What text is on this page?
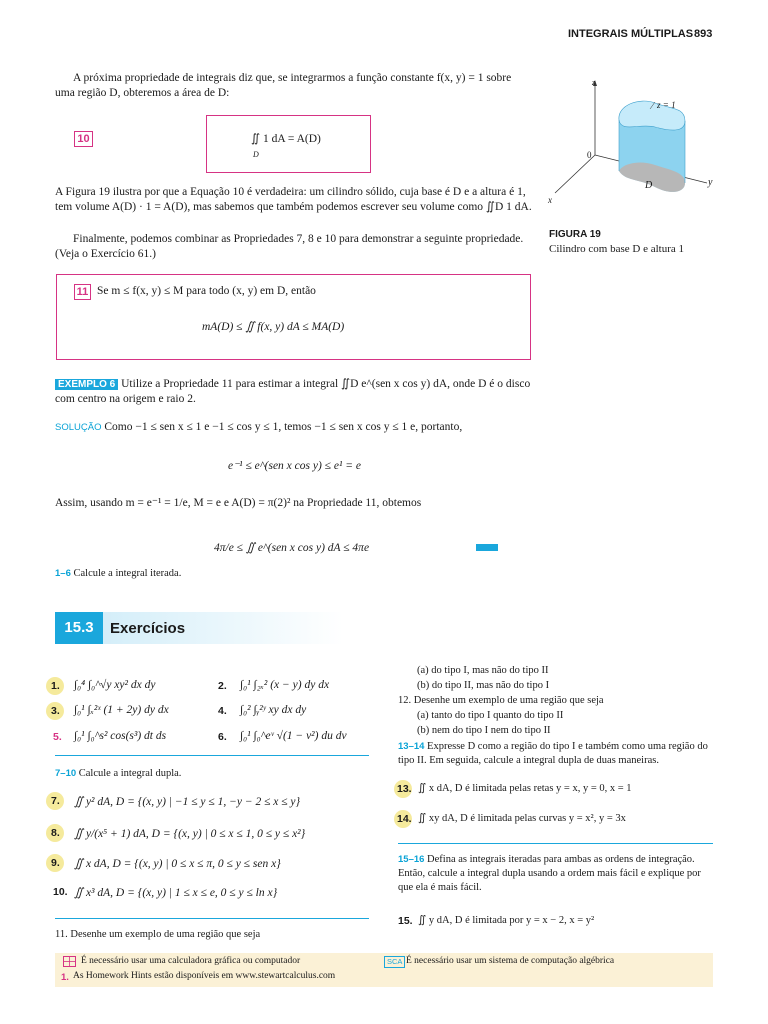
INTEGRAIS MÚLTIPLAS 893
A próxima propriedade de integrais diz que, se integrarmos a função constante f(x, y) = 1 sobre uma região D, obteremos a área de D:
10	∬ 1 dA = A(D)
D
A Figura 19 ilustra por que a Equação 10 é verdadeira: um cilindro sólido, cuja base é D e a altura é 1, tem volume A(D) · 1 = A(D), mas sabemos que também podemos escrever seu volume como ∬D 1 dA.
Finalmente, podemos combinar as Propriedades 7, 8 e 10 para demonstrar a seguinte propriedade. (Veja o Exercício 61.)
11 Se m ≤ f(x, y) ≤ M para todo (x, y) em D, então
mA(D) ≤ ∬ f(x, y) dA ≤ MA(D)
z
y
x
0
z = 1
D
FIGURA 19
Cilindro com base D e altura 1
EXEMPLO 6 Utilize a Propriedade 11 para estimar a integral ∬D e^(sen x cos y) dA, onde D é o disco com centro na origem e raio 2.
SOLUÇÃO Como −1 ≤ sen x ≤ 1 e −1 ≤ cos y ≤ 1, temos −1 ≤ sen x cos y ≤ 1 e, portanto,
e⁻¹ ≤ e^(sen x cos y) ≤ e¹ = e
Assim, usando m = e⁻¹ = 1/e, M = e e A(D) = π(2)² na Propriedade 11, obtemos
4π/e ≤ ∬ e^(sen x cos y) dA ≤ 4πe
15.3	Exercícios
1–6 Calcule a integral iterada.
1. ∫₀⁴ ∫₀^√y xy² dx dy	2. ∫₀¹ ∫₂ₓ² (x − y) dy dx
3. ∫₀¹ ∫ₓ²ˣ (1 + 2y) dy dx	4. ∫₀² ∫ᵧ²ʸ xy dx dy
5. ∫₀¹ ∫₀^s² cos(s³) dt ds	6. ∫₀¹ ∫₀^eᵛ √(1 − v²) du dv
7–10 Calcule a integral dupla.
7. ∬ y² dA, D = {(x, y) | −1 ≤ y ≤ 1, −y − 2 ≤ x ≤ y}
8. ∬ y/(x⁵ + 1) dA, D = {(x, y) | 0 ≤ x ≤ 1, 0 ≤ y ≤ x²}
9. ∬ x dA, D = {(x, y) | 0 ≤ x ≤ π, 0 ≤ y ≤ sen x}
10. ∬ x³ dA, D = {(x, y) | 1 ≤ x ≤ e, 0 ≤ y ≤ ln x}
11. Desenhe um exemplo de uma região que seja
(a) do tipo I, mas não do tipo II
(b) do tipo II, mas não do tipo I
12. Desenhe um exemplo de uma região que seja
(a) tanto do tipo I quanto do tipo II
(b) nem do tipo I nem do tipo II
13–14 Expresse D como a região do tipo I e também como uma região do tipo II. Em seguida, calcule a integral dupla de duas maneiras.
13. ∬ x dA, D é limitada pelas retas y = x, y = 0, x = 1
14. ∬ xy dA, D é limitada pelas curvas y = x², y = 3x
15–16 Defina as integrais iteradas para ambas as ordens de integração. Então, calcule a integral dupla usando a ordem mais fácil e explique por que ela é mais fácil.
15. ∬ y dA, D é limitada por y = x − 2, x = y²
É necessário usar uma calculadora gráfica ou computador
1. As Homework Hints estão disponíveis em www.stewartcalculus.com
SCA É necessário usar um sistema de computação algébrica
